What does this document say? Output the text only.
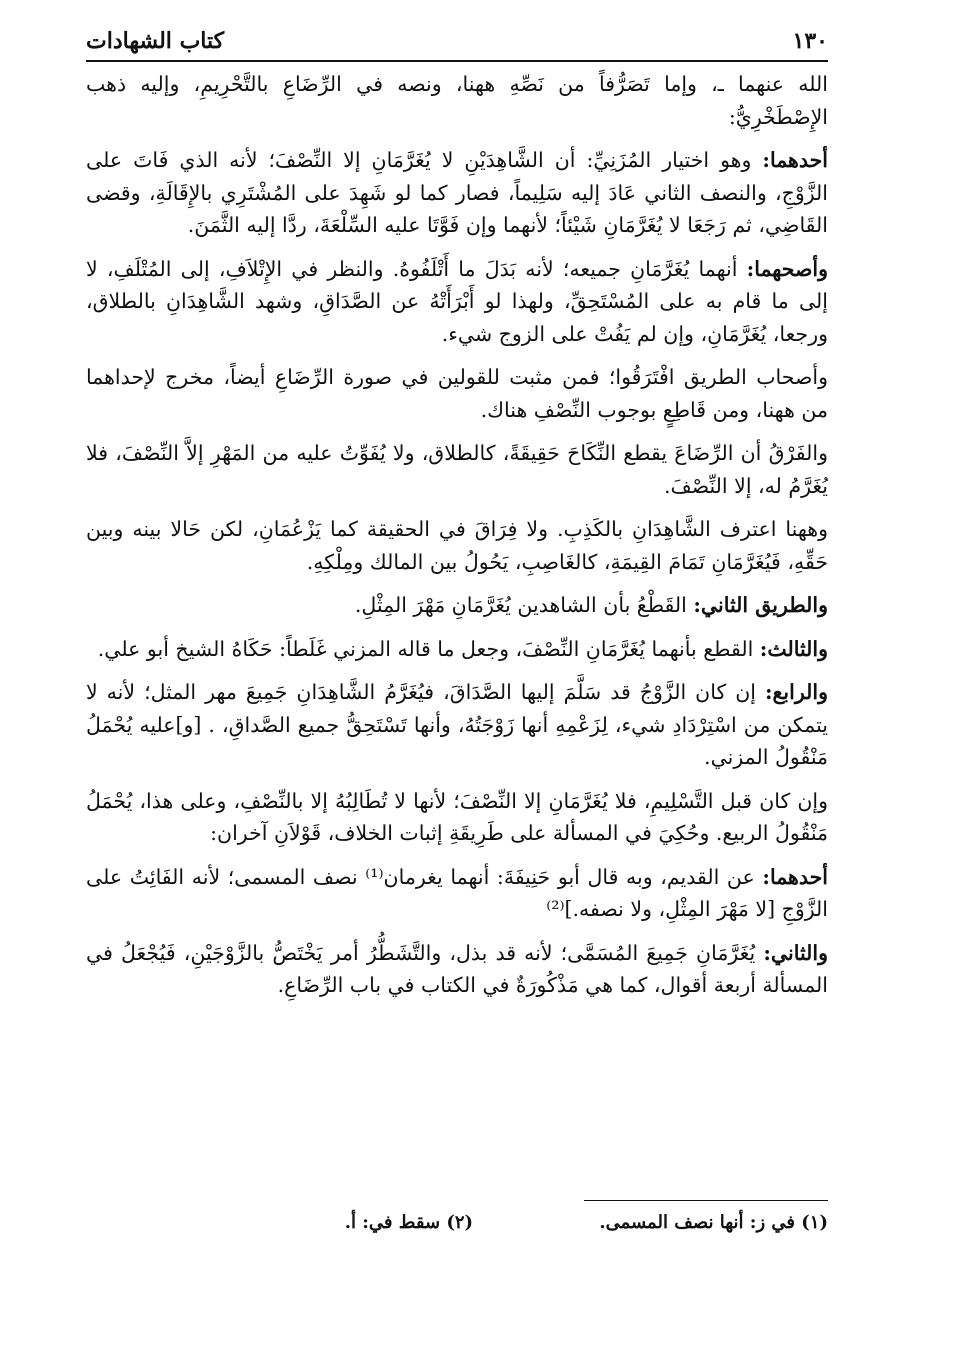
١٣٠
كتاب الشهادات

الله عنهما ـ، وإما تَصَرُّفاً من نَصِّهِ ههنا، ونصه في الرِّضَاعِ بالتَّحْرِيمِ، وإليه ذهب الإِصْطَخْرِيُّ:

أحدهما: وهو اختيار المُزَنِيِّ: أن الشَّاهِدَيْنِ لا يُغَرَّمَانِ إلا النِّصْفَ؛ لأنه الذي فَاتَ على الزَّوْجِ، والنصف الثاني عَادَ إليه سَلِيماً، فصار كما لو شَهِدَ على المُشْتَرِي بالإِقَالَةِ، وقضى القَاضِي، ثم رَجَعَا لا يُغَرَّمَانِ شَيْئاً؛ لأنهما وإن فَوَّتَا عليه السِّلْعَةَ، ردَّا إليه الثَّمَنَ.

وأصحهما: أنهما يُغَرَّمَانِ جميعه؛ لأنه بَدَلَ ما أَتْلَفُوهُ. والنظر في الإِتْلاَفِ، إلى المُتْلَفِ، لا إلى ما قام به على المُسْتَحِقِّ، ولهذا لو أَبْرَأَتْهُ عن الصَّدَاقِ، وشهد الشَّاهِدَانِ بالطلاق، ورجعا، يُغَرَّمَانِ، وإن لم يَفُتْ على الزوج شيء.

وأصحاب الطريق افْتَرَقُوا؛ فمن مثبت للقولين في صورة الرِّضَاعِ أيضاً، مخرج لإحداهما من ههنا، ومن قَاطِعٍ بوجوب النِّصْفِ هناك.

والفَرْقُ أن الرِّضَاعَ يقطع النِّكَاحَ حَقِيقَةً، كالطلاق، ولا يُفَوِّتُ عليه من المَهْرِ إلاَّ النِّصْفَ، فلا يُغَرَّمُ له، إلا النِّصْفَ.

وههنا اعترف الشَّاهِدَانِ بالكَذِبِ. ولا فِرَاقَ في الحقيقة كما يَزْعُمَانِ، لكن حَالا بينه وبين حَقِّهِ، فَيُغَرَّمَانِ تَمَامَ القِيمَةِ، كالغَاصِبِ، يَحُولُ بين المالك ومِلْكِهِ.

والطريق الثاني: القَطْعُ بأن الشاهدين يُغَرَّمَانِ مَهْرَ المِثْلِ.

والثالث: القطع بأنهما يُغَرَّمَانِ النِّصْفَ، وجعل ما قاله المزني غَلَطاً: حَكَاهُ الشيخ أبو علي.

والرابع: إن كان الزَّوْجُ قد سَلَّمَ إليها الصَّدَاقَ، فيُغَرَّمُ الشَّاهِدَانِ جَمِيعَ مهر المثل؛ لأنه لا يتمكن من اسْتِرْدَادِ شيء، لِزَعْمِهِ أنها زَوْجَتُهُ، وأنها تَسْتَحِقُّ جميع الصَّداقِ، . [و]عليه يُحْمَلُ مَنْقُولُ المزني.

وإن كان قبل التَّسْلِيمِ، فلا يُغَرَّمَانِ إلا النِّصْفَ؛ لأنها لا تُطَالِبُهُ إلا بالنِّصْفِ، وعلى هذا، يُحْمَلُ مَنْقُولُ الربيع. وحُكِيَ في المسألة على طَرِيقَةِ إثبات الخلاف، قَوْلاَنِ آخران:

أحدهما: عن القديم، وبه قال أبو حَنِيفَةَ: أنهما يغرمان⁽¹⁾ نصف المسمى؛ لأنه الفَائِتُ على الزَّوْجِ [لا مَهْرَ المِثْلِ، ولا نصفه.]⁽²⁾

والثاني: يُغَرَّمَانِ جَمِيعَ المُسَمَّى؛ لأنه قد بذل، والتَّشَطُّرُ أمر يَخْتَصُّ بالزَّوْجَيْنِ، فَيُجْعَلُ في المسألة أربعة أقوال، كما هي مَذْكُورَةٌ في الكتاب في باب الرِّضَاعِ.

(١) في ز: أنها نصف المسمى. (٢) سقط في: أ.
